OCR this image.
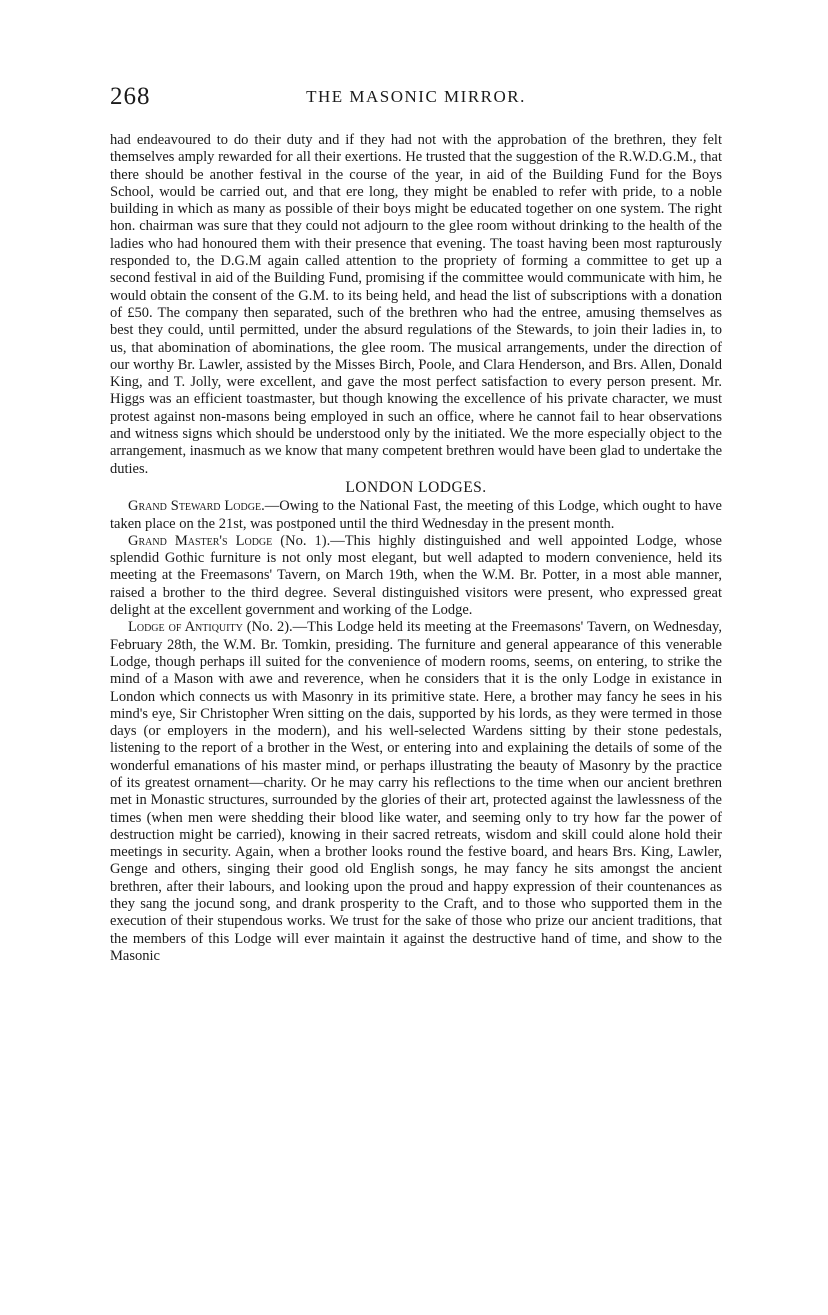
268	THE MASONIC MIRROR.

had endeavoured to do their duty and if they had not with the approbation of the brethren, they felt themselves amply rewarded for all their exertions. He trusted that the suggestion of the R.W.D.G.M., that there should be another festival in the course of the year, in aid of the Building Fund for the Boys School, would be carried out, and that ere long, they might be enabled to refer with pride, to a noble building in which as many as possible of their boys might be educated together on one system. The right hon. chairman was sure that they could not adjourn to the glee room without drinking to the health of the ladies who had honoured them with their presence that evening. The toast having been most rapturously responded to, the D.G.M again called attention to the propriety of forming a committee to get up a second festival in aid of the Building Fund, promising if the committee would communicate with him, he would obtain the consent of the G.M. to its being held, and head the list of subscriptions with a donation of £50. The company then separated, such of the brethren who had the entree, amusing themselves as best they could, until permitted, under the absurd regulations of the Stewards, to join their ladies in, to us, that abomination of abominations, the glee room. The musical arrangements, under the direction of our worthy Br. Lawler, assisted by the Misses Birch, Poole, and Clara Henderson, and Brs. Allen, Donald King, and T. Jolly, were excellent, and gave the most perfect satisfaction to every person present. Mr. Higgs was an efficient toastmaster, but though knowing the excellence of his private character, we must protest against non-masons being employed in such an office, where he cannot fail to hear observations and witness signs which should be understood only by the initiated. We the more especially object to the arrangement, inasmuch as we know that many competent brethren would have been glad to undertake the duties.

LONDON LODGES.

Grand Steward Lodge.—Owing to the National Fast, the meeting of this Lodge, which ought to have taken place on the 21st, was postponed until the third Wednesday in the present month.

Grand Master's Lodge (No. 1).—This highly distinguished and well appointed Lodge, whose splendid Gothic furniture is not only most elegant, but well adapted to modern convenience, held its meeting at the Freemasons' Tavern, on March 19th, when the W.M. Br. Potter, in a most able manner, raised a brother to the third degree. Several distinguished visitors were present, who expressed great delight at the excellent government and working of the Lodge.

Lodge of Antiquity (No. 2).—This Lodge held its meeting at the Freemasons' Tavern, on Wednesday, February 28th, the W.M. Br. Tomkin, presiding. The furniture and general appearance of this venerable Lodge, though perhaps ill suited for the convenience of modern rooms, seems, on entering, to strike the mind of a Mason with awe and reverence, when he considers that it is the only Lodge in existance in London which connects us with Masonry in its primitive state. Here, a brother may fancy he sees in his mind's eye, Sir Christopher Wren sitting on the dais, supported by his lords, as they were termed in those days (or employers in the modern), and his well-selected Wardens sitting by their stone pedestals, listening to the report of a brother in the West, or entering into and explaining the details of some of the wonderful emanations of his master mind, or perhaps illustrating the beauty of Masonry by the practice of its greatest ornament—charity. Or he may carry his reflections to the time when our ancient brethren met in Monastic structures, surrounded by the glories of their art, protected against the lawlessness of the times (when men were shedding their blood like water, and seeming only to try how far the power of destruction might be carried), knowing in their sacred retreats, wisdom and skill could alone hold their meetings in security. Again, when a brother looks round the festive board, and hears Brs. King, Lawler, Genge and others, singing their good old English songs, he may fancy he sits amongst the ancient brethren, after their labours, and looking upon the proud and happy expression of their countenances as they sang the jocund song, and drank prosperity to the Craft, and to those who supported them in the execution of their stupendous works. We trust for the sake of those who prize our ancient traditions, that the members of this Lodge will ever maintain it against the destructive hand of time, and show to the Masonic
